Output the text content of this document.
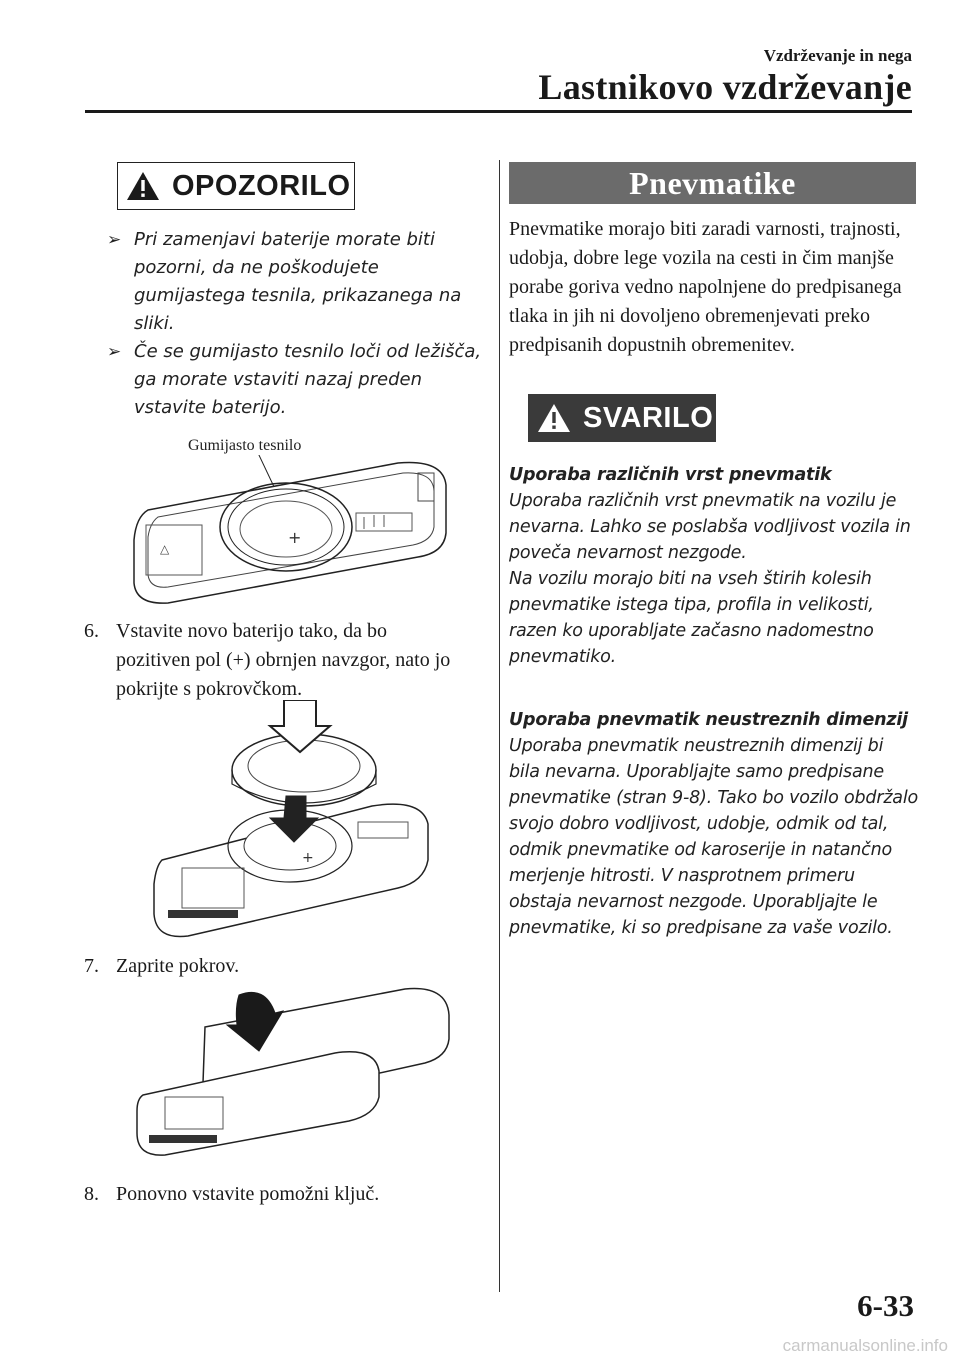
Vzdrževanje in nega
Lastnikovo vzdrževanje
OPOZORILO
➢ Pri zamenjavi baterije morate biti pozorni, da ne poškodujete gumijastega tesnila, prikazanega na sliki.
➢ Če se gumijasto tesnilo loči od ležišča, ga morate vstaviti nazaj preden vstavite baterijo.
Gumijasto tesnilo
+
△
6. Vstavite novo baterijo tako, da bo pozitiven pol (+) obrnjen navzgor, nato jo pokrijte s pokrovčkom.
+
7. Zaprite pokrov.
8. Ponovno vstavite pomožni ključ.
Pnevmatike
Pnevmatike morajo biti zaradi varnosti, trajnosti, udobja, dobre lege vozila na cesti in čim manjše porabe goriva vedno napolnjene do predpisanega tlaka in jih ni dovoljeno obremenjevati preko predpisanih dopustnih obremenitev.
SVARILO
Uporaba različnih vrst pnevmatik

Uporaba različnih vrst pnevmatik na vozilu je nevarna. Lahko se poslabša vodljivost vozila in poveča nevarnost nezgode.

Na vozilu morajo biti na vseh štirih kolesih pnevmatike istega tipa, profila in velikosti, razen ko uporabljate začasno nadomestno pnevmatiko.

Uporaba pnevmatik neustreznih dimenzij

Uporaba pnevmatik neustreznih dimenzij bi bila nevarna. Uporabljajte samo predpisane pnevmatike (stran 9-8). Tako bo vozilo obdržalo svojo dobro vodljivost, udobje, odmik od tal, odmik pnevmatike od karoserije in natančno merjenje hitrosti. V nasprotnem primeru obstaja nevarnost nezgode. Uporabljajte le pnevmatike, ki so predpisane za vaše vozilo.

6-33
carmanualsonline.info
